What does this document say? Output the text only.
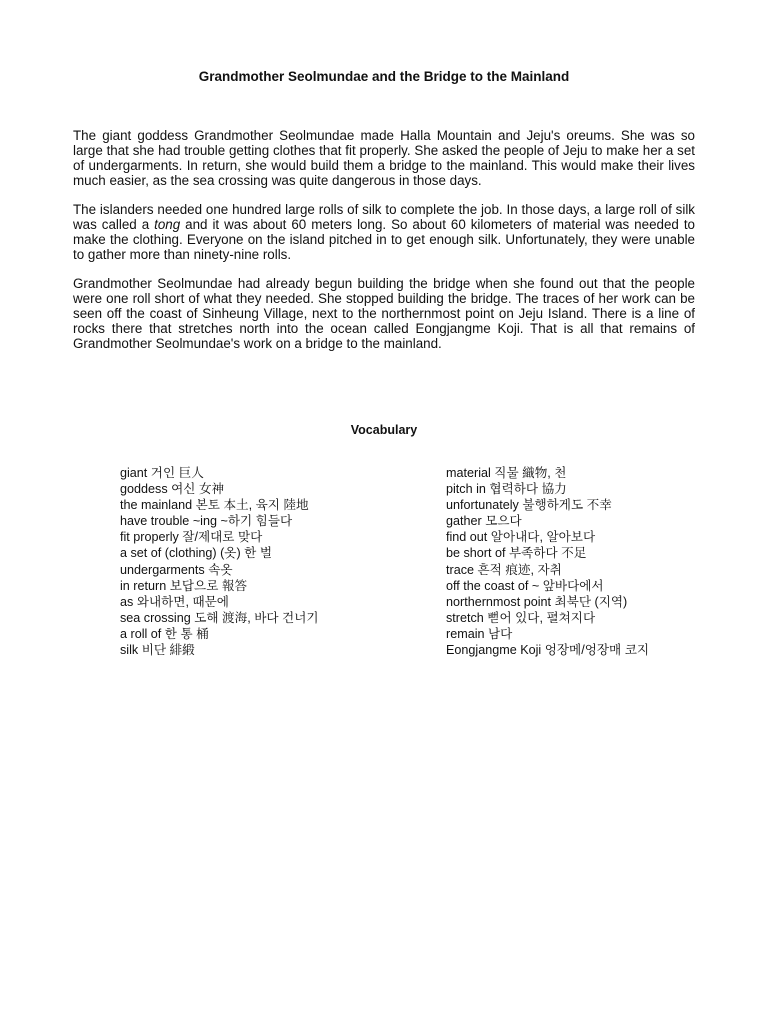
Grandmother Seolmundae and the Bridge to the Mainland

The giant goddess Grandmother Seolmundae made Halla Mountain and Jeju's oreums. She was so large that she had trouble getting clothes that fit properly. She asked the people of Jeju to make her a set of undergarments. In return, she would build them a bridge to the mainland. This would make their lives much easier, as the sea crossing was quite dangerous in those days.

The islanders needed one hundred large rolls of silk to complete the job. In those days, a large roll of silk was called a tong and it was about 60 meters long. So about 60 kilometers of material was needed to make the clothing. Everyone on the island pitched in to get enough silk. Unfortunately, they were unable to gather more than ninety-nine rolls.

Grandmother Seolmundae had already begun building the bridge when she found out that the people were one roll short of what they needed. She stopped building the bridge. The traces of her work can be seen off the coast of Sinheung Village, next to the northernmost point on Jeju Island. There is a line of rocks there that stretches north into the ocean called Eongjangme Koji. That is all that remains of Grandmother Seolmundae's work on a bridge to the mainland.

Vocabulary
giant 거인 巨人
goddess 여신 女神
the mainland 본토 本土, 육지 陸地
have trouble ~ing ~하기 힘들다
fit properly 잘/제대로 맞다
a set of (clothing) (옷) 한 벌
undergarments 속옷
in return 보답으로 報答
as 와내하면, 때문에
sea crossing 도해 渡海, 바다 건너기
a roll of 한 통 桶
silk 비단 緋緞
material 직물 織物, 천
pitch in 협력하다 協力
unfortunately 불행하게도 不幸
gather 모으다
find out 알아내다, 알아보다
be short of 부족하다 不足
trace 흔적 痕迹, 자취
off the coast of ~ 앞바다에서
northernmost point 최북단 (지역)
stretch 뻗어 있다, 펼쳐지다
remain 남다
Eongjangme Koji 엉장메/엉장매 코지
